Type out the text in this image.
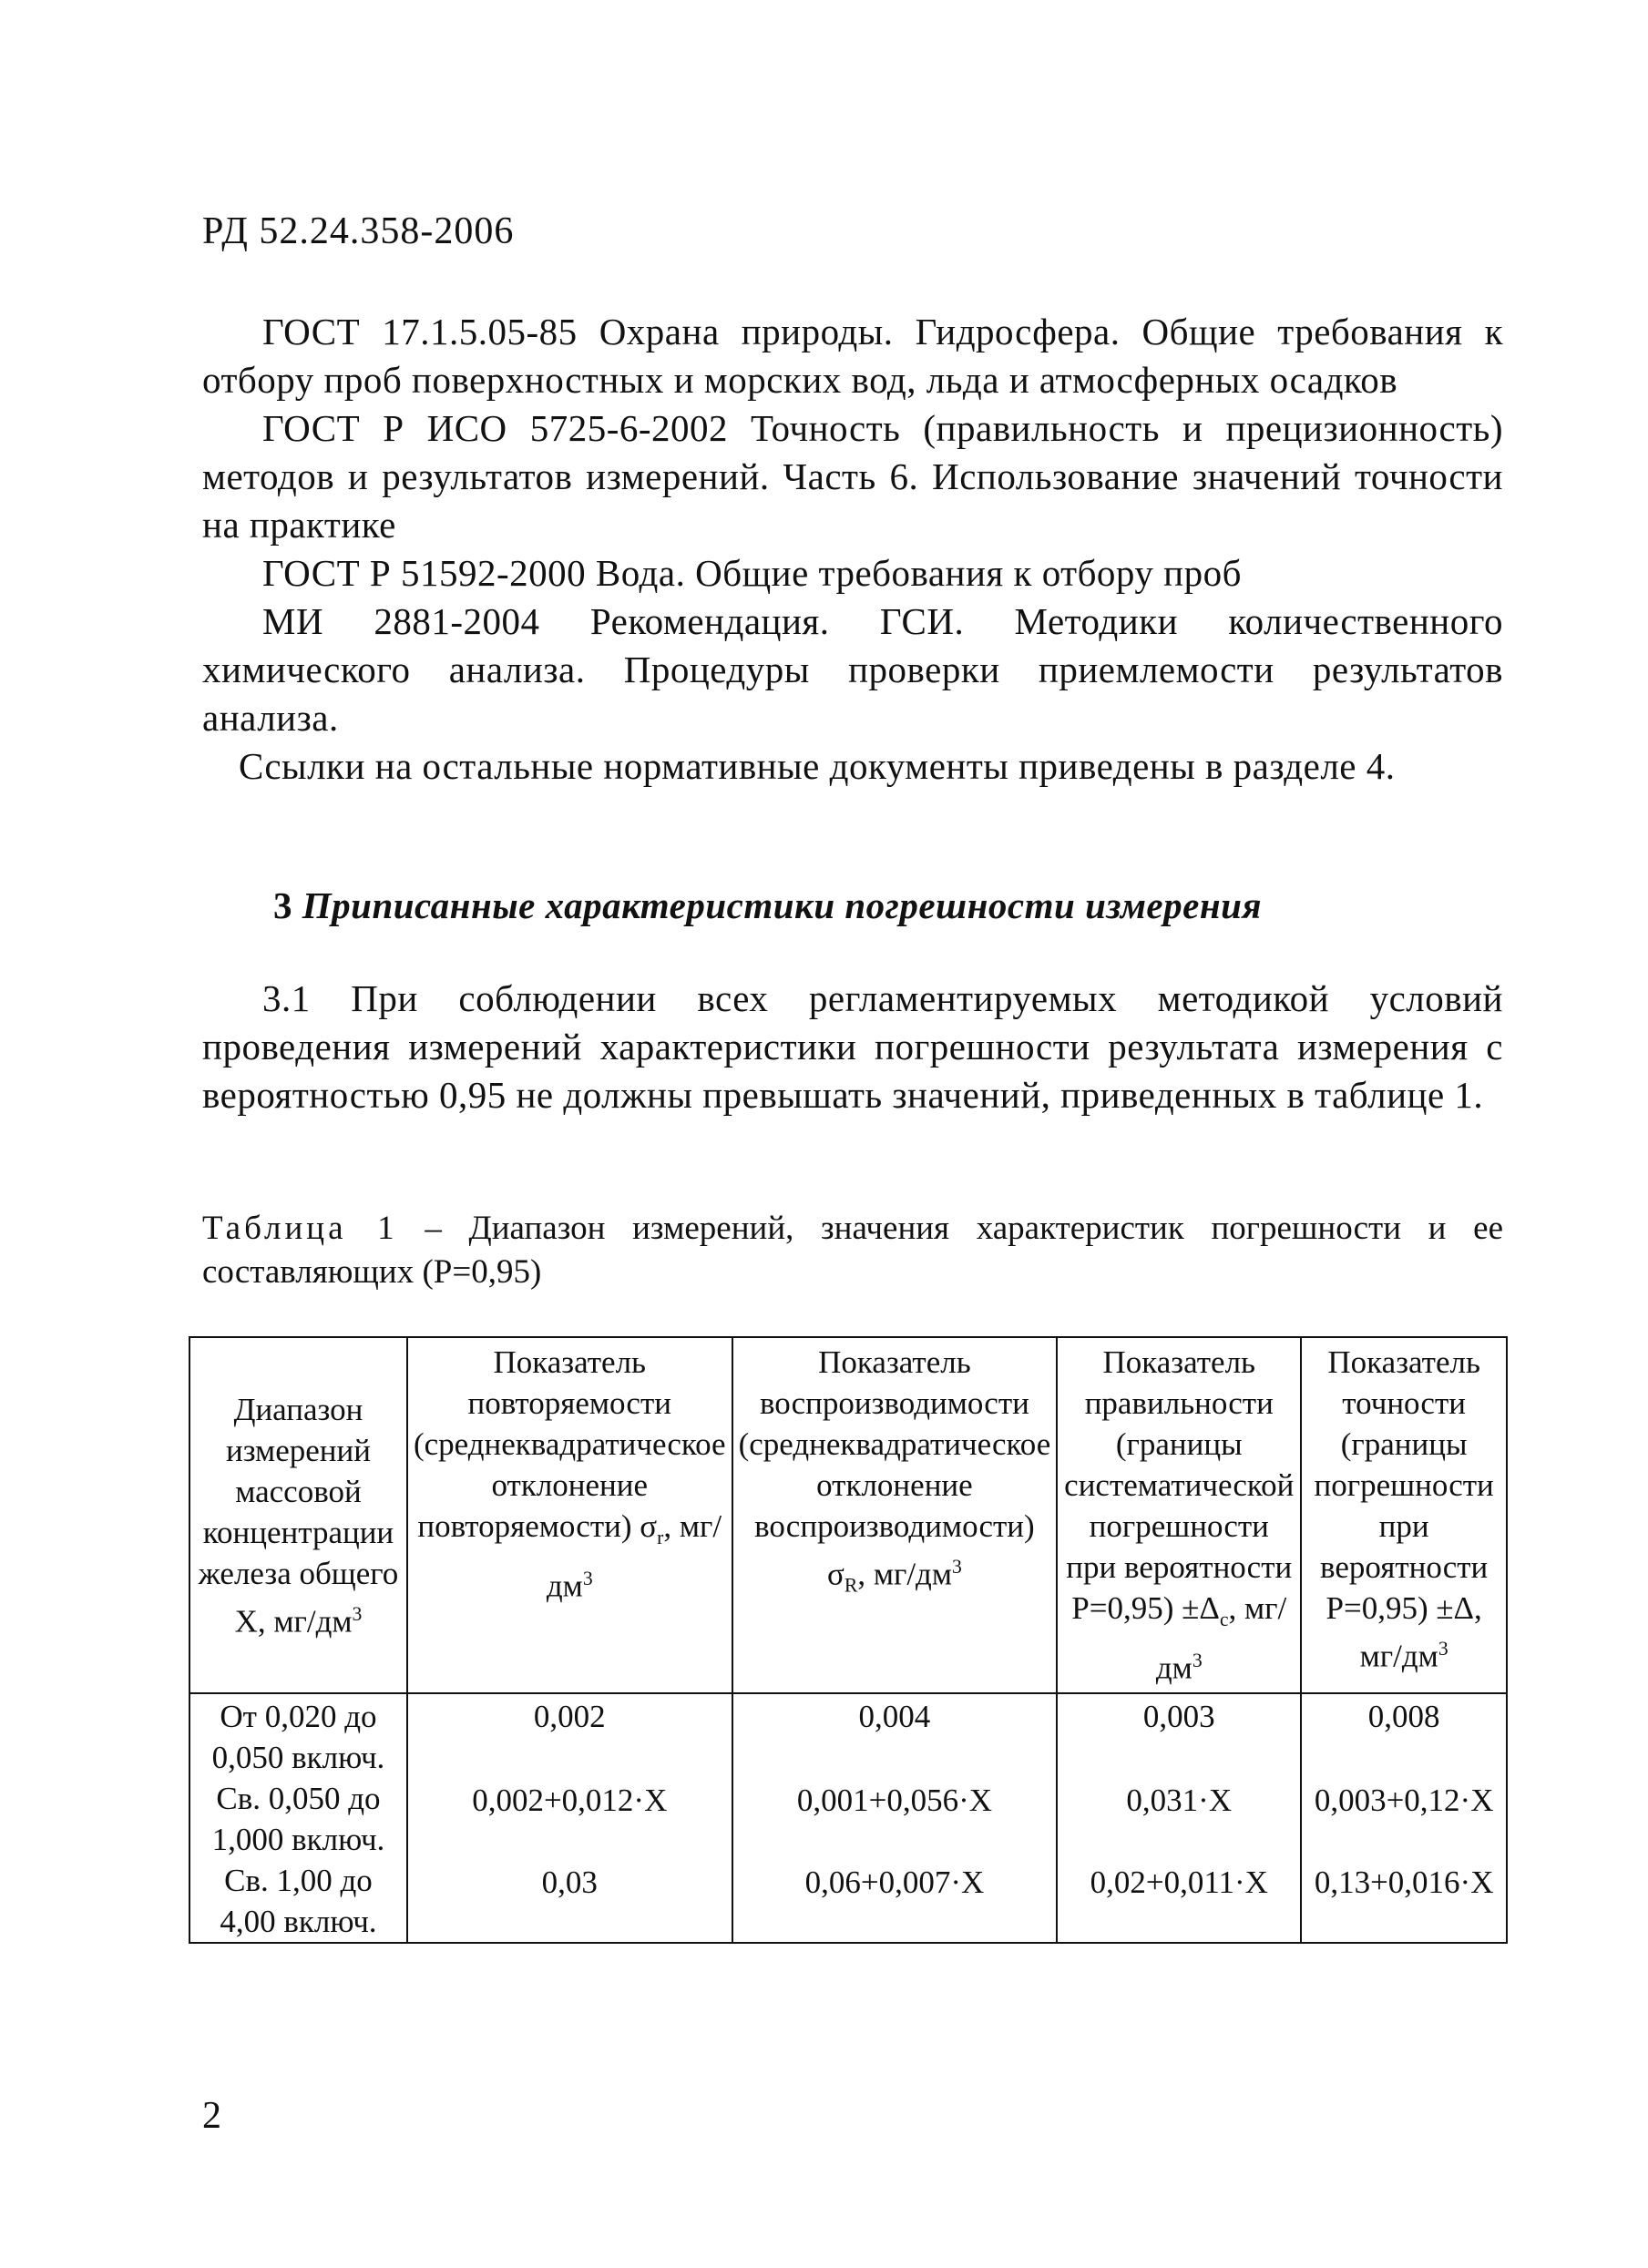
РД 52.24.358-2006

ГОСТ 17.1.5.05-85 Охрана природы. Гидросфера. Общие требования к отбору проб поверхностных и морских вод, льда и атмосферных осадков

ГОСТ Р ИСО 5725-6-2002 Точность (правильность и прецизионность) методов и результатов измерений. Часть 6. Использование значений точности на практике

ГОСТ Р 51592-2000 Вода. Общие требования к отбору проб

МИ 2881-2004 Рекомендация. ГСИ. Методики количественного химического анализа. Процедуры проверки приемлемости результатов анализа.

Ссылки на остальные нормативные документы приведены в разделе 4.

3 Приписанные характеристики погрешности измерения

3.1 При соблюдении всех регламентируемых методикой условий проведения измерений характеристики погрешности результата измерения с вероятностью 0,95 не должны превышать значений, приведенных в таблице 1.

Таблица 1 – Диапазон измерений, значения характеристик погрешности и ее составляющих (Р=0,95)
Диапазон измерений массовой концентрации железа общего Х, $мг/дм^3$	Показатель повторяемости (среднеквадратическое отклонение повторяемости) $\sigma_r$, $мг/дм^3$	Показатель воспроизводимости (среднеквадратическое отклонение воспроизводимости) $\sigma_R$, $мг/дм^3$	Показатель правильности (границы систематической погрешности при вероятности $Р=0,95) \pm\Delta_с$, $мг/дм^3$	Показатель точности (границы погрешности при вероятности Р=0,95) ±Δ, $мг/дм^3$
От 0,020 до 0,050 включ.	0,002	0,004	0,003	0,008
Св. 0,050 до 1,000 включ.	0,002+0,012·Х	0,001+0,056·Х	0,031·Х	0,003+0,12·Х
Св. 1,00 до 4,00 включ.	0,03	0,06+0,007·Х	0,02+0,011·Х	0,13+0,016·Х
2
